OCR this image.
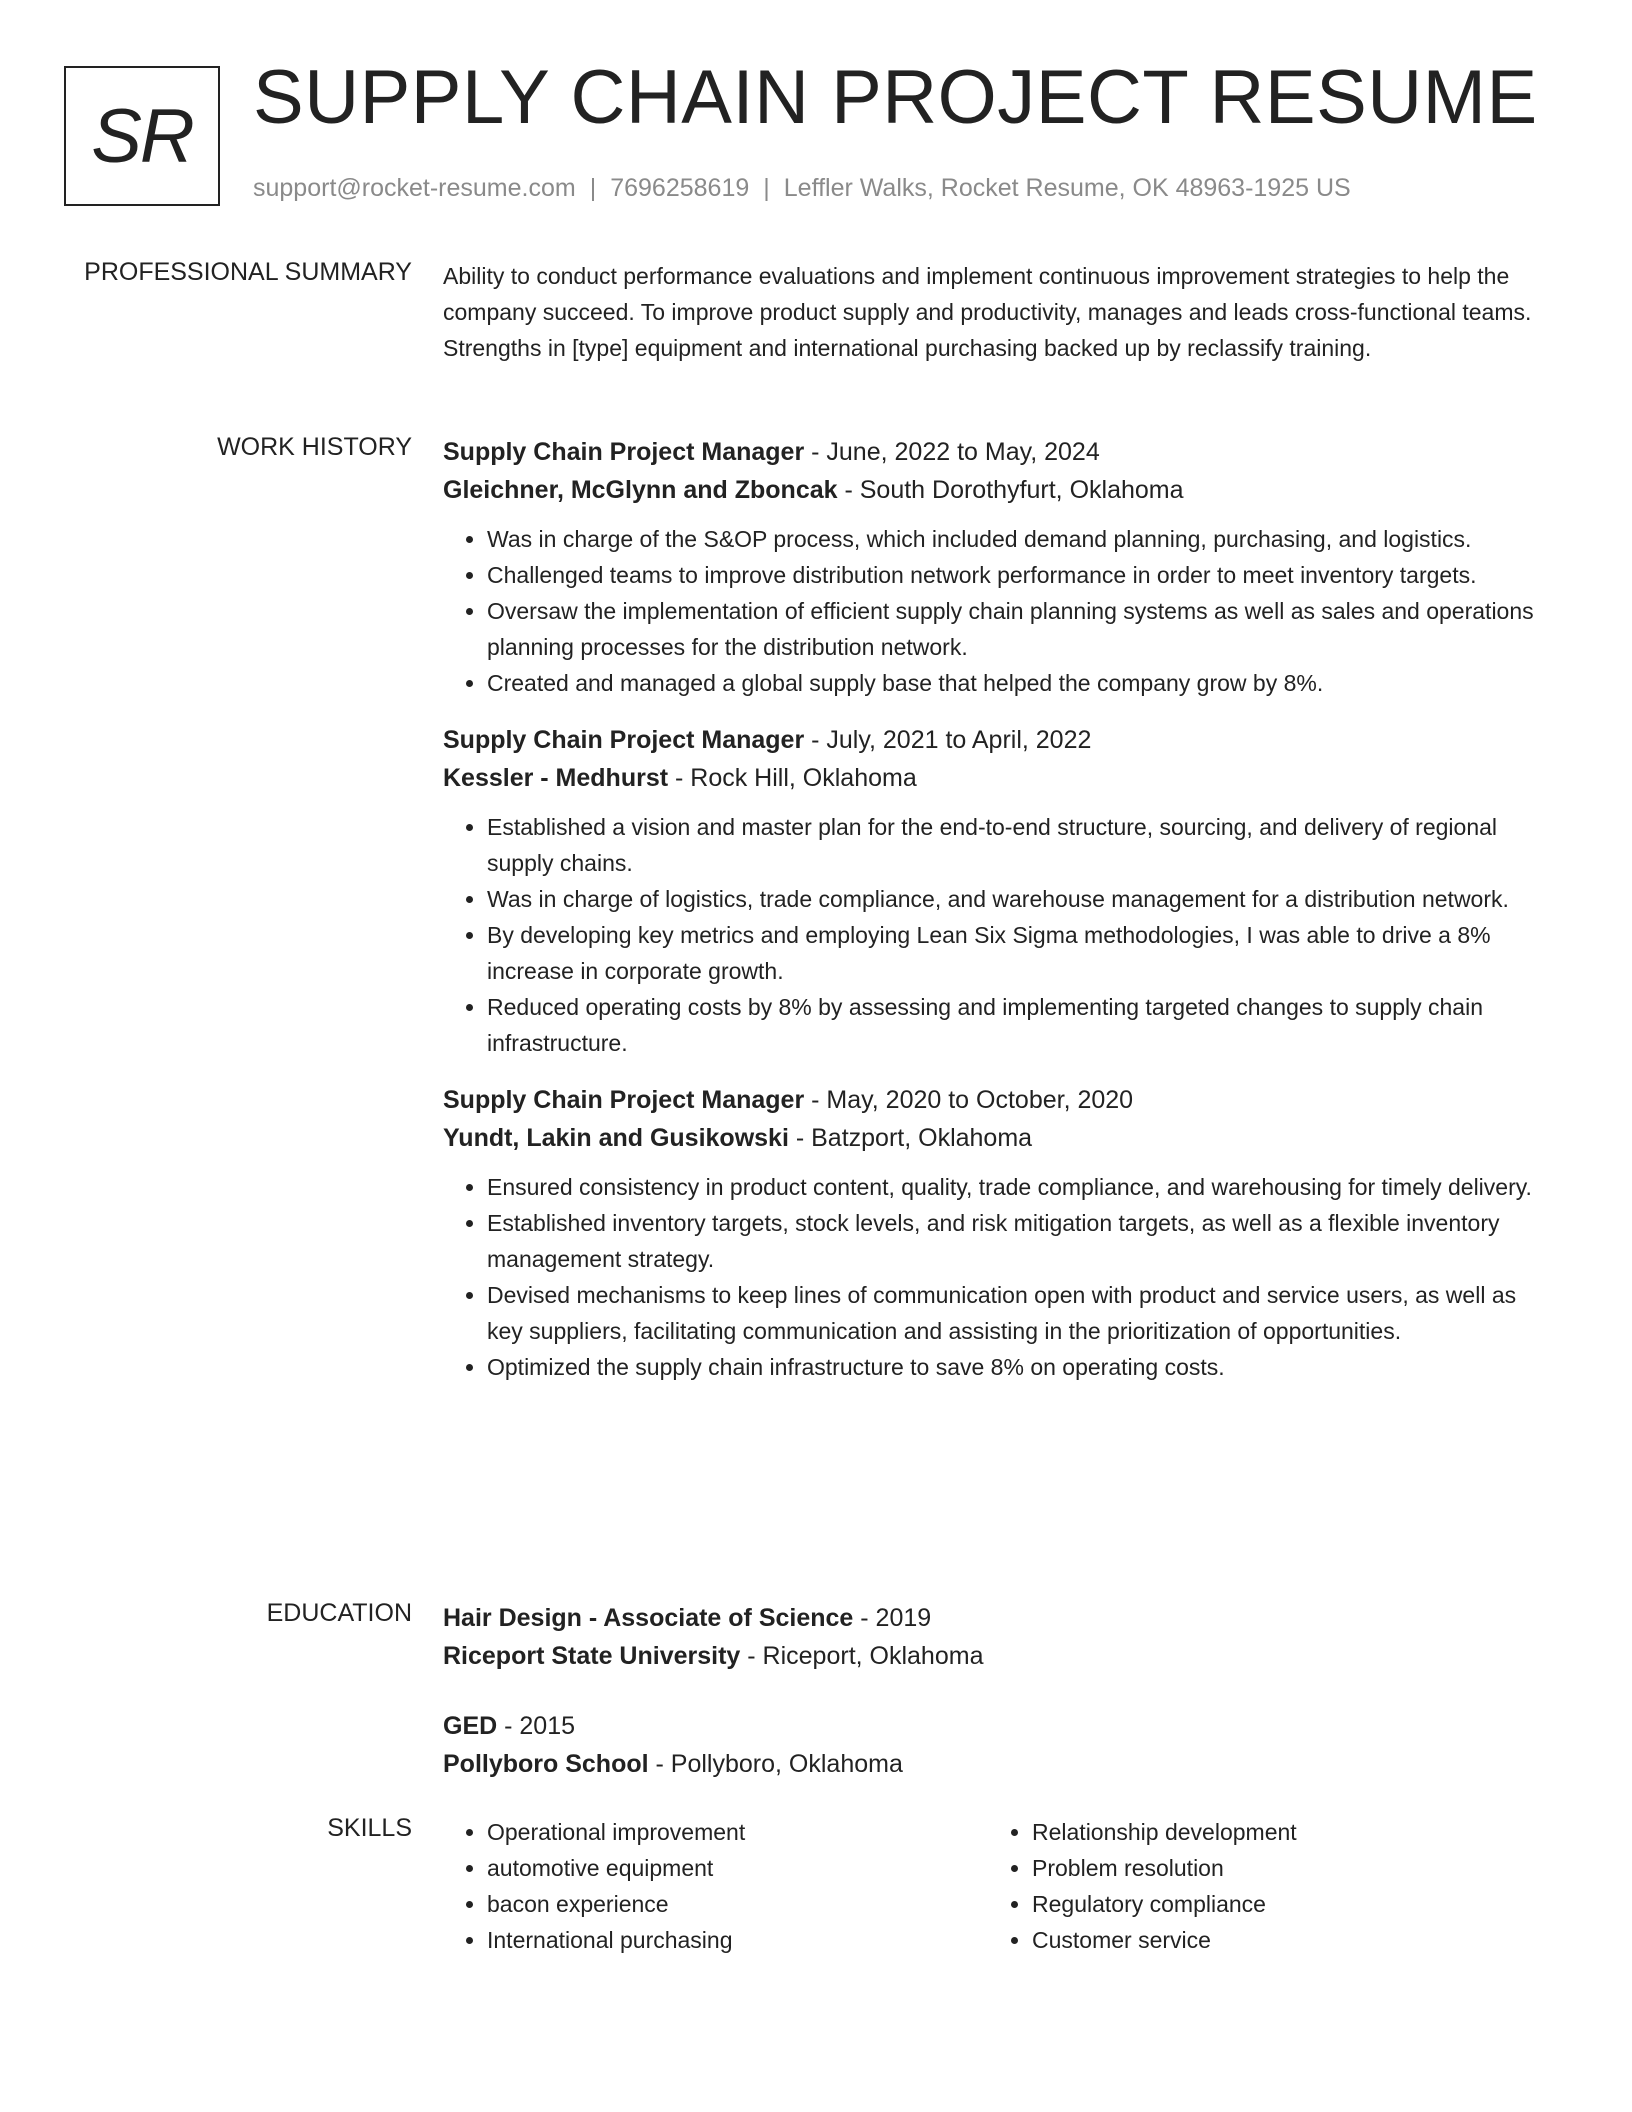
SR SUPPLY CHAIN PROJECT RESUME
support@rocket-resume.com | 7696258619 | Leffler Walks, Rocket Resume, OK 48963-1925 US
PROFESSIONAL SUMMARY Ability to conduct performance evaluations and implement continuous improvement strategies to help the company succeed. To improve product supply and productivity, manages and leads cross-functional teams. Strengths in [type] equipment and international purchasing backed up by reclassify training.

WORK HISTORY Supply Chain Project Manager - June, 2022 to May, 2024
Gleichner, McGlynn and Zboncak - South Dorothyfurt, Oklahoma
• Was in charge of the S&OP process, which included demand planning, purchasing, and logistics.
• Challenged teams to improve distribution network performance in order to meet inventory targets.
• Oversaw the implementation of efficient supply chain planning systems as well as sales and operations planning processes for the distribution network.
• Created and managed a global supply base that helped the company grow by 8%.
Supply Chain Project Manager - July, 2021 to April, 2022
Kessler - Medhurst - Rock Hill, Oklahoma
• Established a vision and master plan for the end-to-end structure, sourcing, and delivery of regional supply chains.
• Was in charge of logistics, trade compliance, and warehouse management for a distribution network.
• By developing key metrics and employing Lean Six Sigma methodologies, I was able to drive a 8% increase in corporate growth.
• Reduced operating costs by 8% by assessing and implementing targeted changes to supply chain infrastructure.
Supply Chain Project Manager - May, 2020 to October, 2020
Yundt, Lakin and Gusikowski - Batzport, Oklahoma
• Ensured consistency in product content, quality, trade compliance, and warehousing for timely delivery.
• Established inventory targets, stock levels, and risk mitigation targets, as well as a flexible inventory management strategy.
• Devised mechanisms to keep lines of communication open with product and service users, as well as key suppliers, facilitating communication and assisting in the prioritization of opportunities.
• Optimized the supply chain infrastructure to save 8% on operating costs.
EDUCATION Hair Design - Associate of Science - 2019
Riceport State University - Riceport, Oklahoma
GED - 2015
Pollyboro School - Pollyboro, Oklahoma
SKILLS
•	Operational improvement
• automotive equipment
• bacon experience
• International purchasing
• Relationship development
• Problem resolution
• Regulatory compliance
• Customer service
